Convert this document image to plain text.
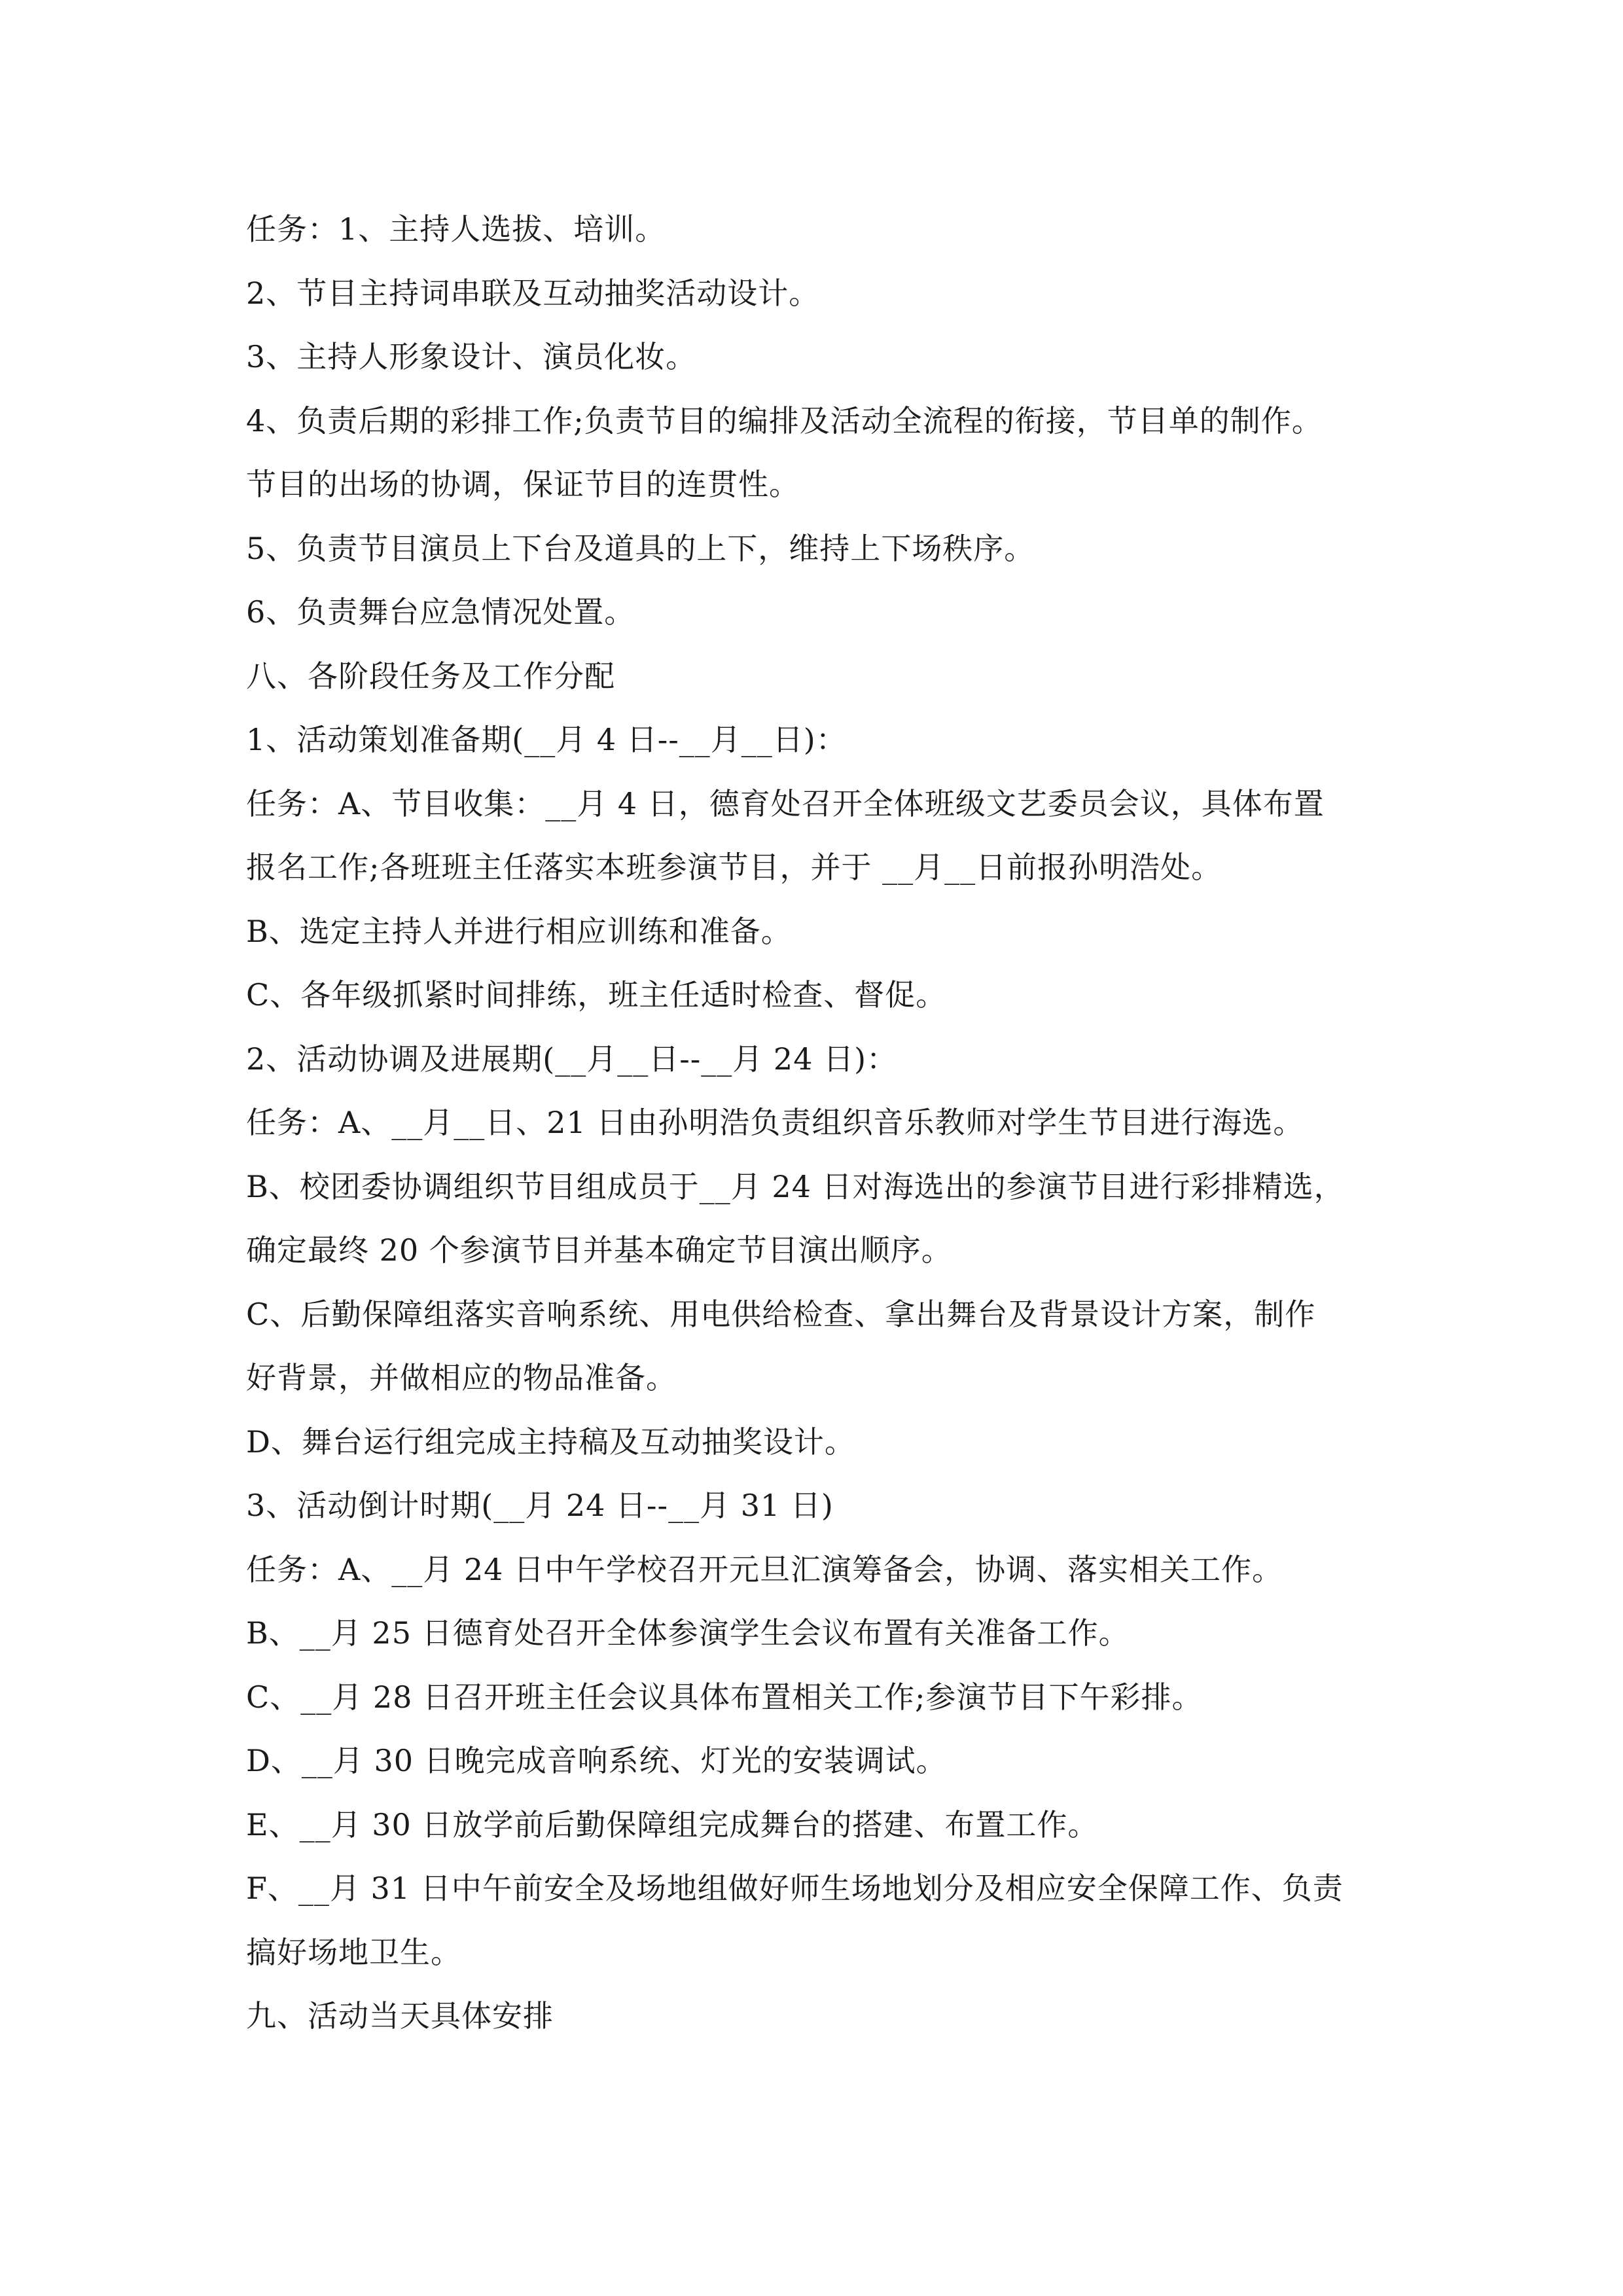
任务：1、主持人选拔、培训。
2、节目主持词串联及互动抽奖活动设计。
3、主持人形象设计、演员化妆。
4、负责后期的彩排工作;负责节目的编排及活动全流程的衔接，节目单的制作。
节目的出场的协调，保证节目的连贯性。
5、负责节目演员上下台及道具的上下，维持上下场秩序。
6、负责舞台应急情况处置。
八、各阶段任务及工作分配
1、活动策划准备期(__月 4 日--__月__日)：
任务：A、节目收集：__月 4 日，德育处召开全体班级文艺委员会议，具体布置
报名工作;各班班主任落实本班参演节目，并于 __月__日前报孙明浩处。
B、选定主持人并进行相应训练和准备。
C、各年级抓紧时间排练，班主任适时检查、督促。
2、活动协调及进展期(__月__日--__月 24 日)：
任务：A、__月__日、21 日由孙明浩负责组织音乐教师对学生节目进行海选。
B、校团委协调组织节目组成员于__月 24 日对海选出的参演节目进行彩排精选，
确定最终 20 个参演节目并基本确定节目演出顺序。
C、后勤保障组落实音响系统、用电供给检查、拿出舞台及背景设计方案，制作
好背景，并做相应的物品准备。
D、舞台运行组完成主持稿及互动抽奖设计。
3、活动倒计时期(__月 24 日--__月 31 日)
任务：A、__月 24 日中午学校召开元旦汇演筹备会，协调、落实相关工作。
B、__月 25 日德育处召开全体参演学生会议布置有关准备工作。
C、__月 28 日召开班主任会议具体布置相关工作;参演节目下午彩排。
D、__月 30 日晚完成音响系统、灯光的安装调试。
E、__月 30 日放学前后勤保障组完成舞台的搭建、布置工作。
F、__月 31 日中午前安全及场地组做好师生场地划分及相应安全保障工作、负责
搞好场地卫生。
九、活动当天具体安排
